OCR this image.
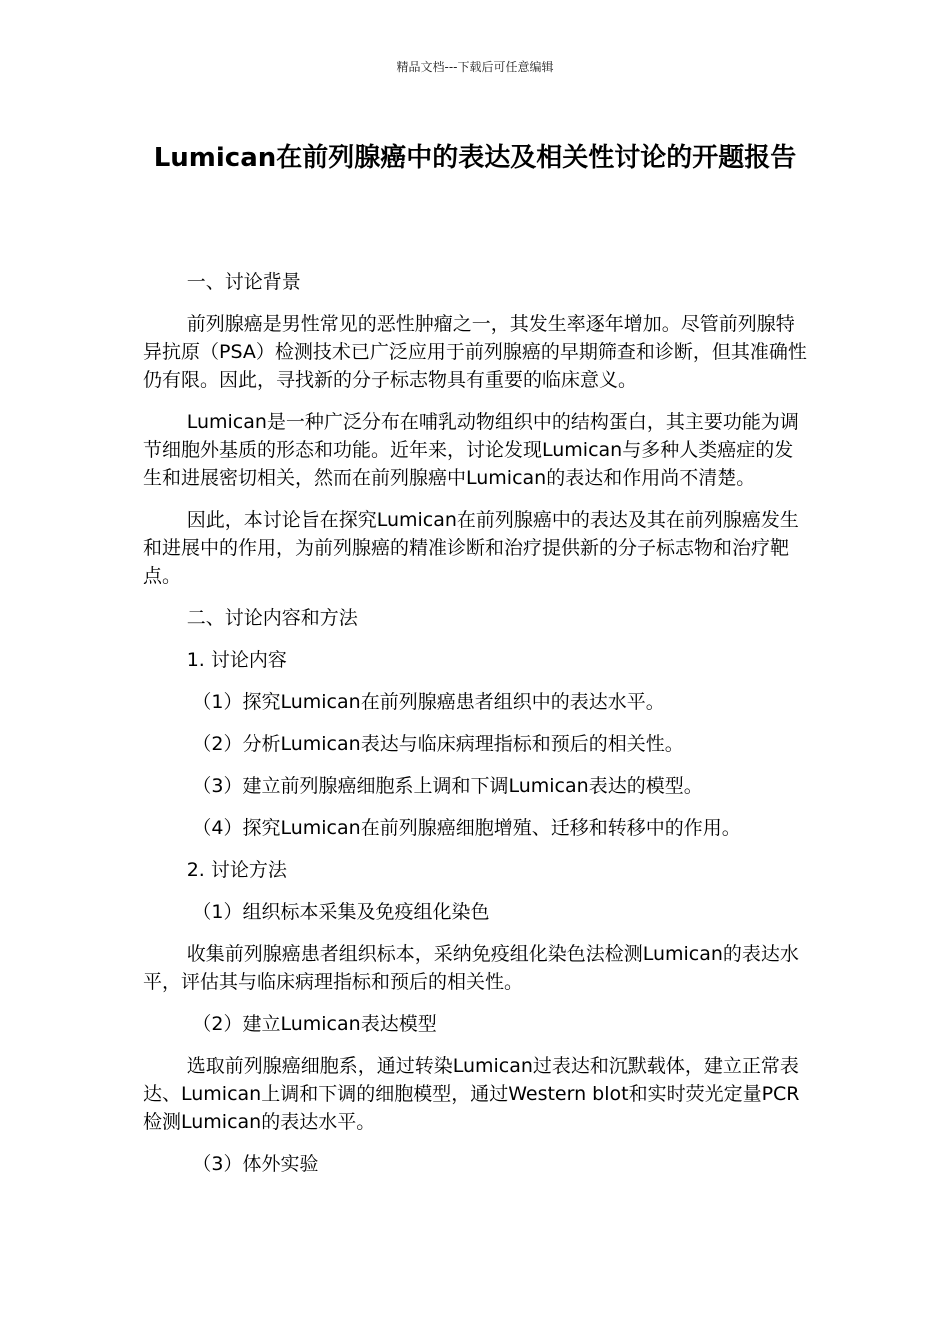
精品文档---下载后可任意编辑
Lumican在前列腺癌中的表达及相关性讨论的开题报告

一、讨论背景

前列腺癌是男性常见的恶性肿瘤之一，其发生率逐年增加。尽管前列腺特异抗原（PSA）检测技术已广泛应用于前列腺癌的早期筛查和诊断，但其准确性仍有限。因此，寻找新的分子标志物具有重要的临床意义。

Lumican是一种广泛分布在哺乳动物组织中的结构蛋白，其主要功能为调节细胞外基质的形态和功能。近年来，讨论发现Lumican与多种人类癌症的发生和进展密切相关，然而在前列腺癌中Lumican的表达和作用尚不清楚。

因此，本讨论旨在探究Lumican在前列腺癌中的表达及其在前列腺癌发生和进展中的作用，为前列腺癌的精准诊断和治疗提供新的分子标志物和治疗靶点。

二、讨论内容和方法

1. 讨论内容

（1）探究Lumican在前列腺癌患者组织中的表达水平。

（2）分析Lumican表达与临床病理指标和预后的相关性。

（3）建立前列腺癌细胞系上调和下调Lumican表达的模型。

（4）探究Lumican在前列腺癌细胞增殖、迁移和转移中的作用。

2. 讨论方法

（1）组织标本采集及免疫组化染色

收集前列腺癌患者组织标本，采纳免疫组化染色法检测Lumican的表达水平，评估其与临床病理指标和预后的相关性。

（2）建立Lumican表达模型

选取前列腺癌细胞系，通过转染Lumican过表达和沉默载体，建立正常表达、Lumican上调和下调的细胞模型，通过Western blot和实时荧光定量PCR检测Lumican的表达水平。

（3）体外实验
